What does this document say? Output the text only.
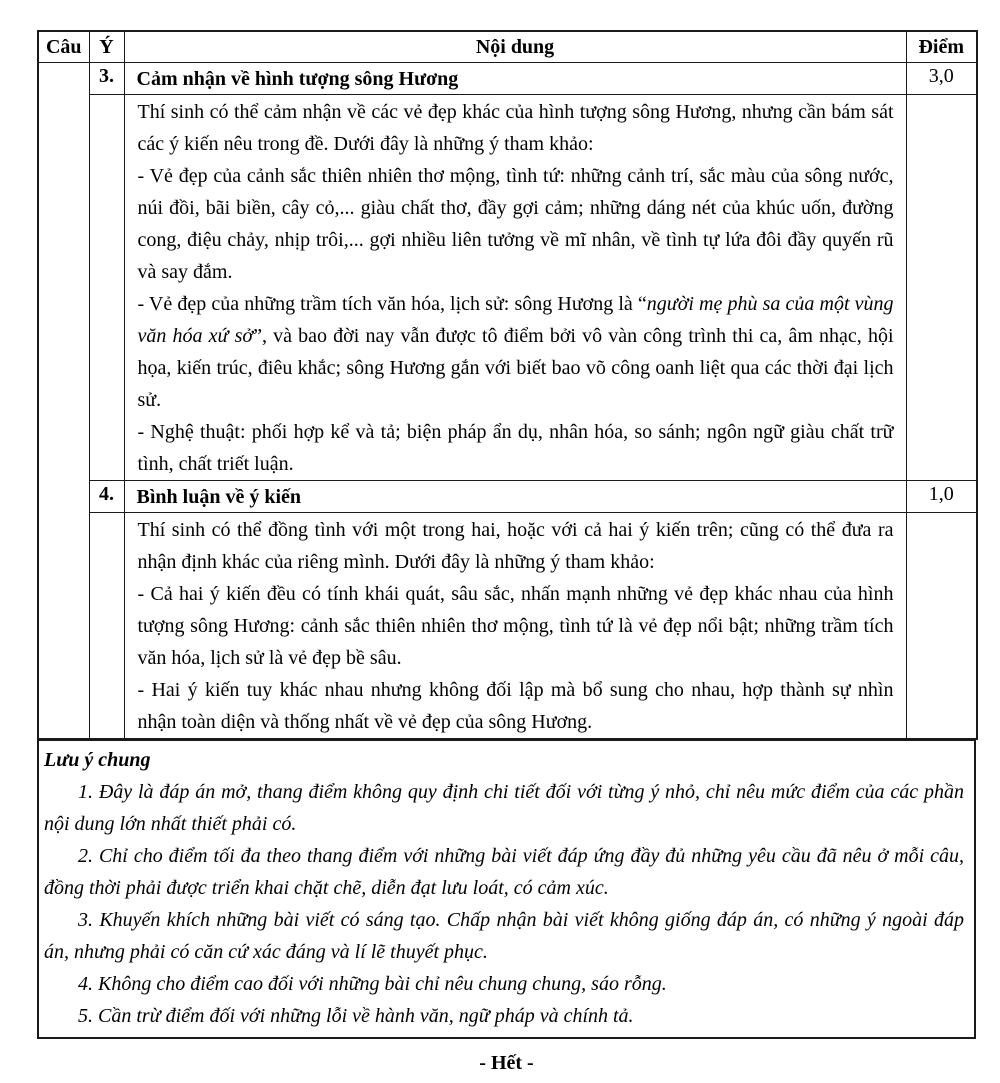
Câu	Ý	Nội dung	Điểm
	3.	Cảm nhận về hình tượng sông Hương	3,0

		Thí sinh có thể cảm nhận về các vẻ đẹp khác của hình tượng sông Hương, nhưng cần bám sát các ý kiến nêu trong đề. Dưới đây là những ý tham khảo:

- Vẻ đẹp của cảnh sắc thiên nhiên thơ mộng, tình tứ: những cảnh trí, sắc màu của sông nước, núi đồi, bãi biền, cây cỏ,... giàu chất thơ, đầy gợi cảm; những dáng nét của khúc uốn, đường cong, điệu chảy, nhịp trôi,... gợi nhiều liên tưởng về mĩ nhân, về tình tự lứa đôi đầy quyến rũ và say đắm.

- Vẻ đẹp của những trầm tích văn hóa, lịch sử: sông Hương là “người mẹ phù sa của một vùng văn hóa xứ sở”, và bao đời nay vẫn được tô điểm bởi vô vàn công trình thi ca, âm nhạc, hội họa, kiến trúc, điêu khắc; sông Hương gắn với biết bao võ công oanh liệt qua các thời đại lịch sử.

- Nghệ thuật: phối hợp kể và tả; biện pháp ẩn dụ, nhân hóa, so sánh; ngôn ngữ giàu chất trữ tình, chất triết luận.	

	4.	Bình luận về ý kiến	1,0

		Thí sinh có thể đồng tình với một trong hai, hoặc với cả hai ý kiến trên; cũng có thể đưa ra nhận định khác của riêng mình. Dưới đây là những ý tham khảo:

- Cả hai ý kiến đều có tính khái quát, sâu sắc, nhấn mạnh những vẻ đẹp khác nhau của hình tượng sông Hương: cảnh sắc thiên nhiên thơ mộng, tình tứ là vẻ đẹp nổi bật; những trầm tích văn hóa, lịch sử là vẻ đẹp bề sâu.

- Hai ý kiến tuy khác nhau nhưng không đối lập mà bổ sung cho nhau, hợp thành sự nhìn nhận toàn diện và thống nhất về vẻ đẹp của sông Hương.	

Lưu ý chung
1. Đây là đáp án mở, thang điểm không quy định chi tiết đối với từng ý nhỏ, chỉ nêu mức điểm của các phần nội dung lớn nhất thiết phải có.
2. Chỉ cho điểm tối đa theo thang điểm với những bài viết đáp ứng đầy đủ những yêu cầu đã nêu ở mỗi câu, đồng thời phải được triển khai chặt chẽ, diễn đạt lưu loát, có cảm xúc.
3. Khuyến khích những bài viết có sáng tạo. Chấp nhận bài viết không giống đáp án, có những ý ngoài đáp án, nhưng phải có căn cứ xác đáng và lí lẽ thuyết phục.
4. Không cho điểm cao đối với những bài chỉ nêu chung chung, sáo rỗng.
5. Cần trừ điểm đối với những lỗi về hành văn, ngữ pháp và chính tả.
- Hết -
